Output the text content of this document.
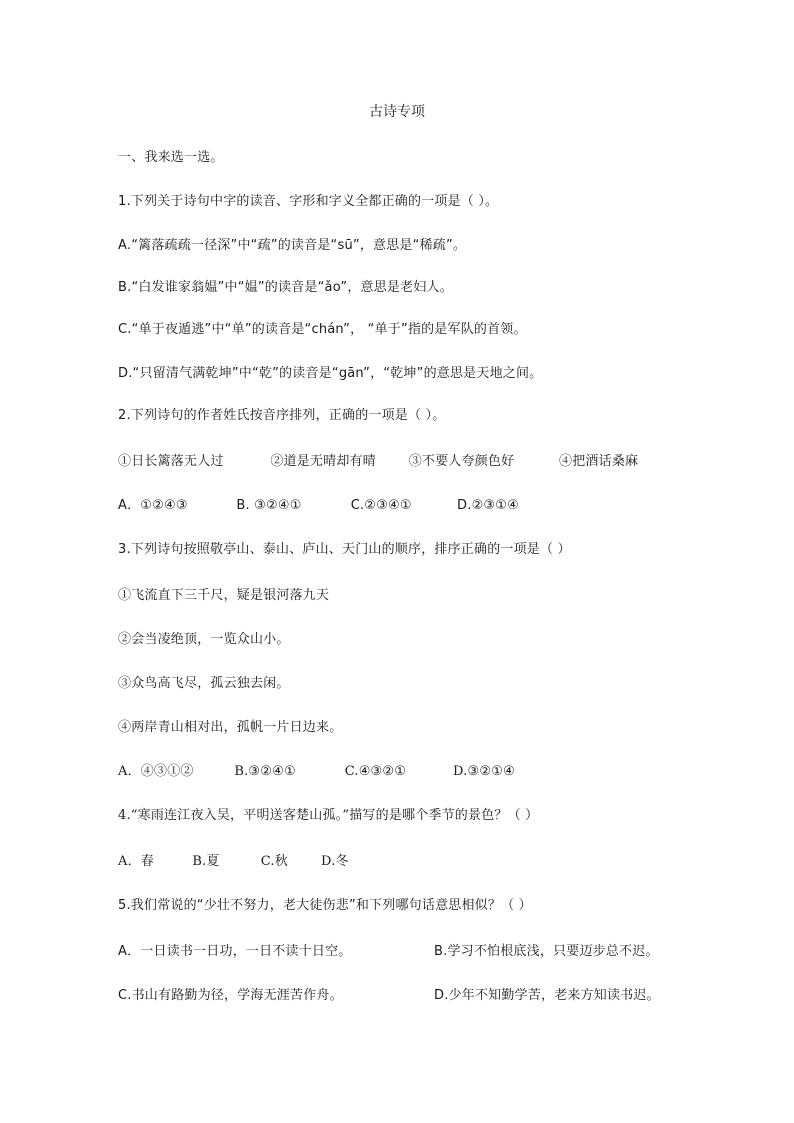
古诗专项
一、我来选一选。
1.下列关于诗句中字的读音、字形和字义全都正确的一项是（ ）。
A.“篱落疏疏一径深”中“疏”的读音是“sū”，意思是“稀疏”。
B.“白发谁家翁媪”中“媪”的读音是“ǎo”，意思是老妇人。
C.“单于夜遁逃”中“单”的读音是“chán”， “单于”指的是军队的首领。
D.“只留清气满乾坤”中“乾”的读音是“gān”，“乾坤”的意思是天地之间。
2.下列诗句的作者姓氏按音序排列，正确的一项是（ ）。
①日长篱落无人过	②道是无晴却有晴	③不要人夸颜色好	④把酒话桑麻
A．①②④③	B. ③②④①	C.②③④①	D.②③①④
3.下列诗句按照敬亭山、泰山、庐山、天门山的顺序，排序正确的一项是（ ）
①飞流直下三千尺，疑是银河落九天
②会当凌绝顶，一览众山小。
③众鸟高飞尽，孤云独去闲。
④两岸青山相对出，孤帆一片日边来。
A．④③①②	B.③②④①	C.④③②①	D.③②①④
4.“寒雨连江夜入吴，平明送客楚山孤。”描写的是哪个季节的景色？（ ）
A．春	B.夏	C.秋	D.冬
5.我们常说的“少壮不努力，老大徒伤悲”和下列哪句话意思相似？（ ）
A．一日读书一日功，一日不读十日空。	B.学习不怕根底浅，只要迈步总不迟。
C.书山有路勤为径，学海无涯苦作舟。	D.少年不知勤学苦，老来方知读书迟。
